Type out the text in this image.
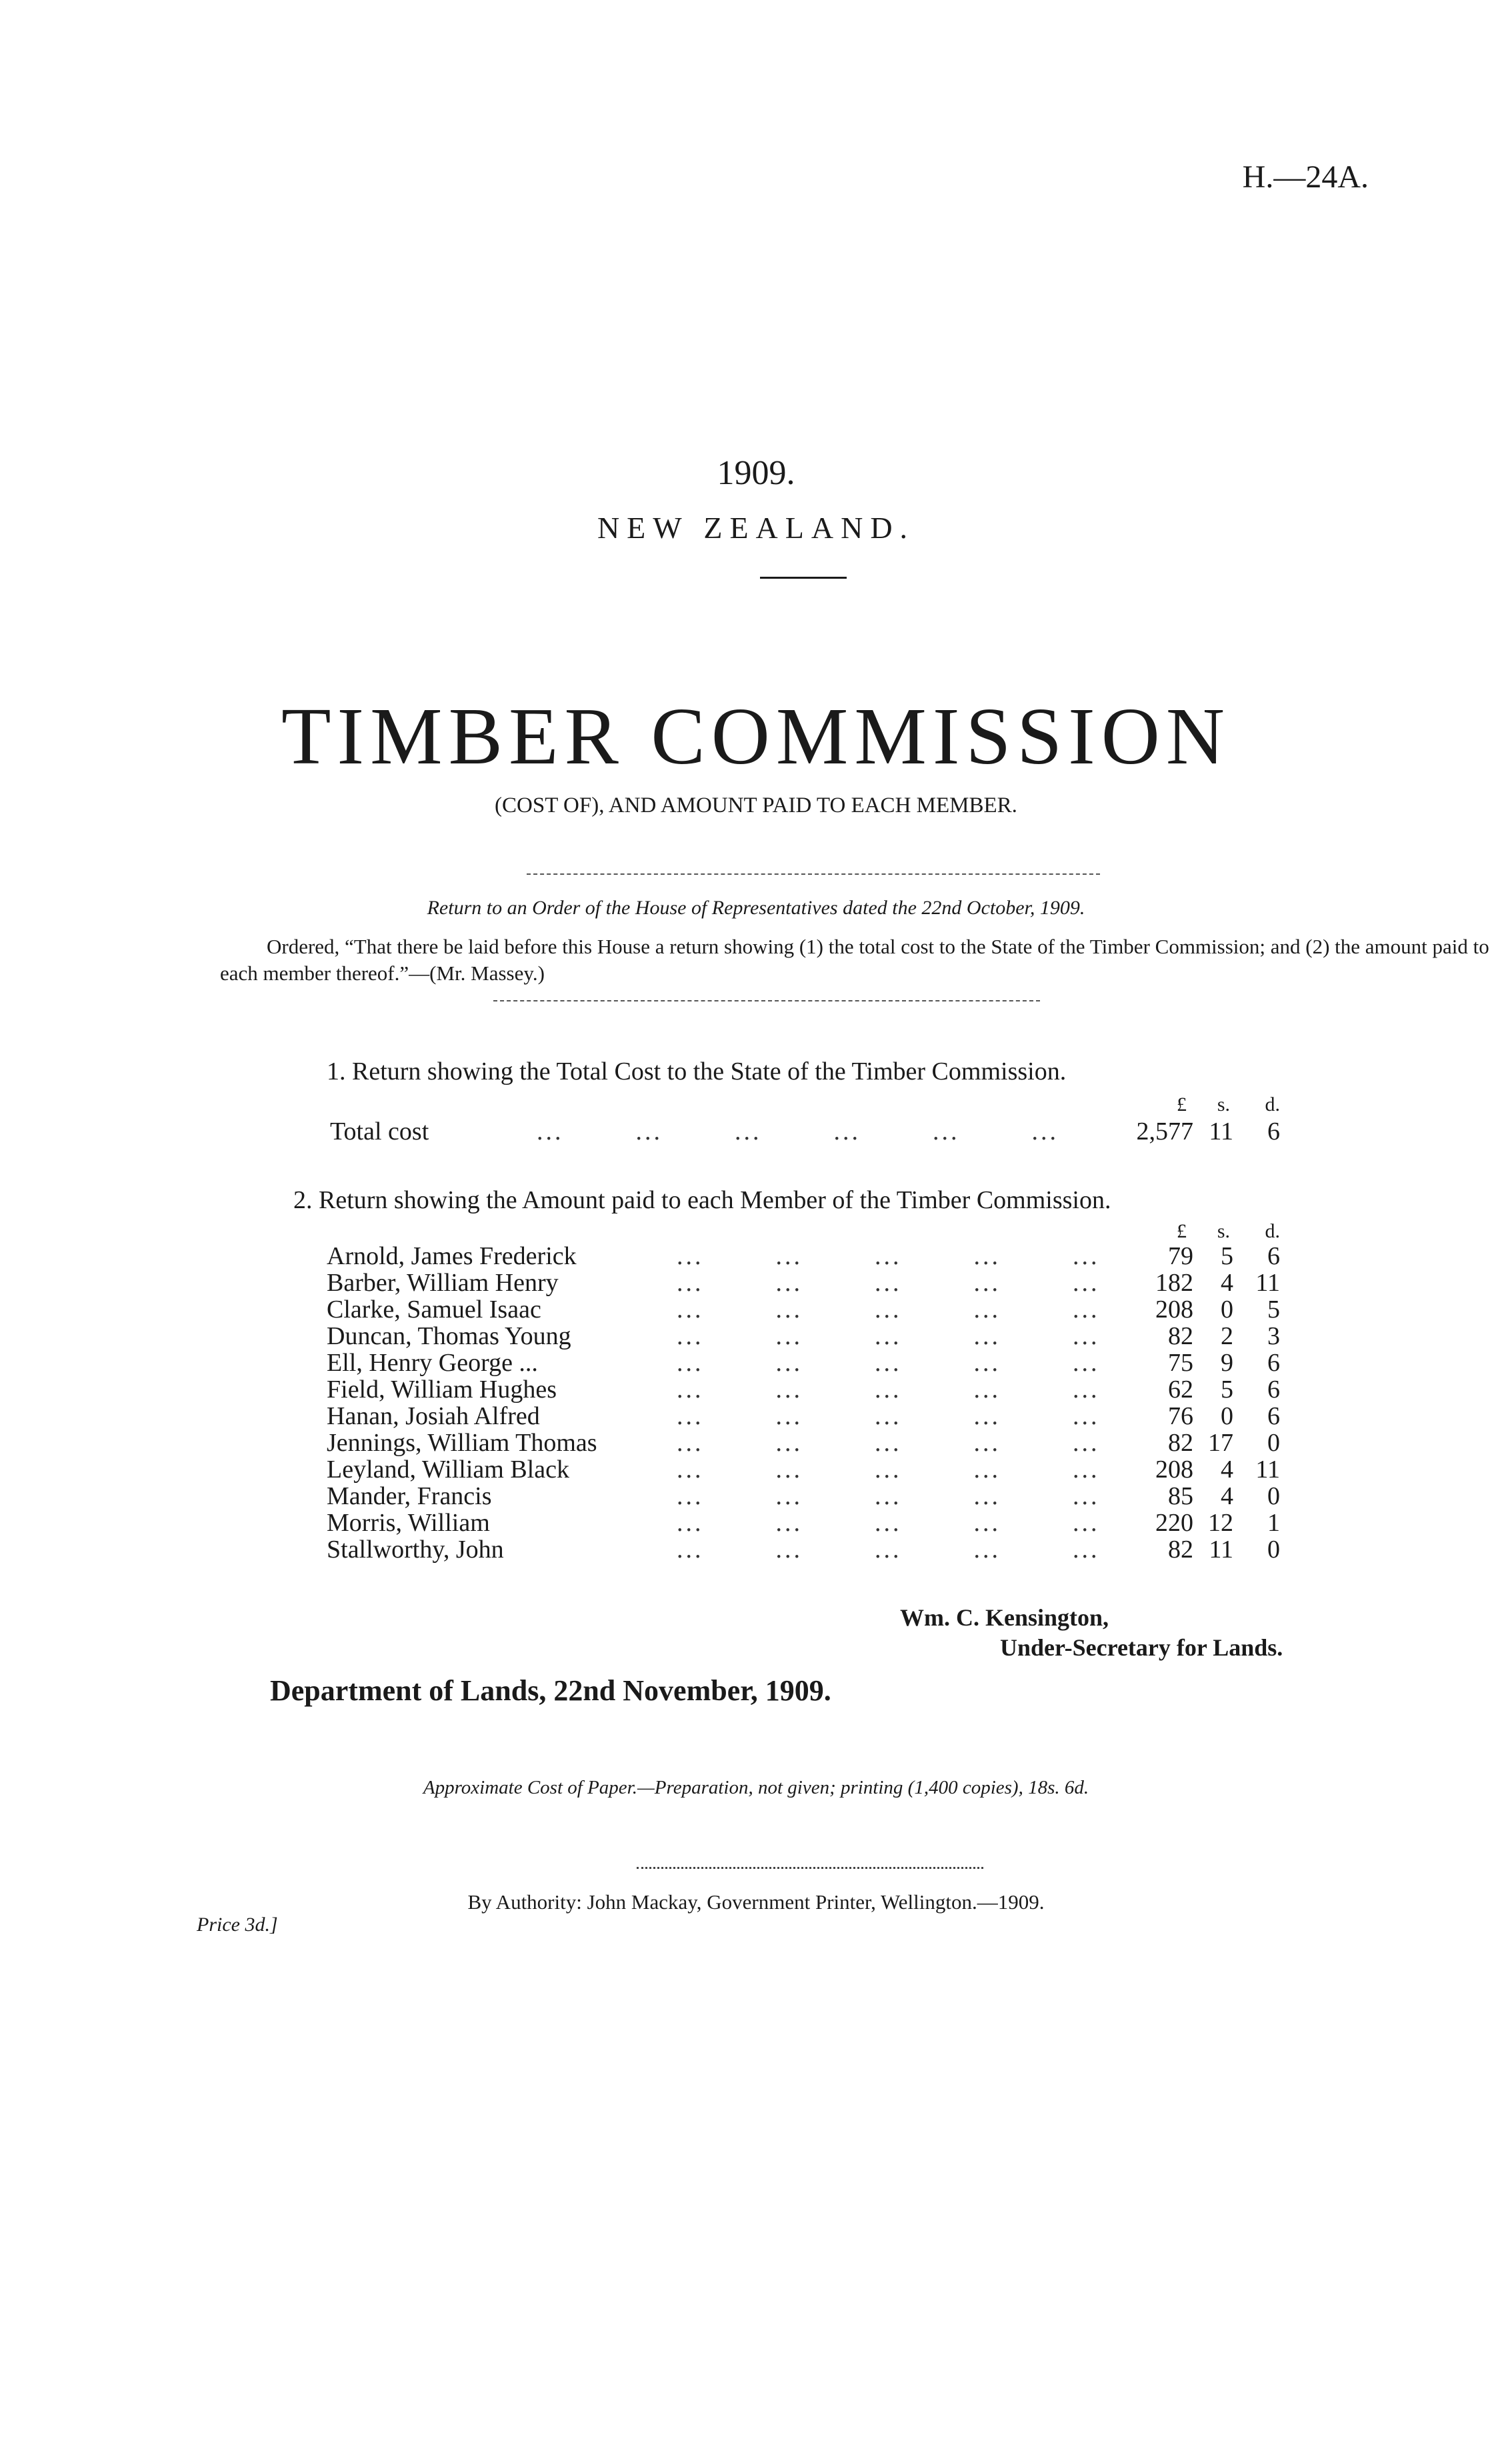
H.—24A.
1909.
NEW ZEALAND.
TIMBER COMMISSION
(COST OF), AND AMOUNT PAID TO EACH MEMBER.
Return to an Order of the House of Representatives dated the 22nd October, 1909.
Ordered, “That there be laid before this House a return showing (1) the total cost to the State of the Timber Commission; and (2) the amount paid to each member thereof.”—(Mr. Massey.)
1. Return showing the Total Cost to the State of the Timber Commission.
£	s.	d.
Total cost	...        ...        ...        ...        ...        ...	2,577 11	6
2. Return showing the Amount paid to each Member of the Timber Commission.
£	s.	d.
Arnold, James Frederick	...        ...        ...        ...        ...	79	5	6
Barber, William Henry	...        ...        ...        ...        ...	182	4 11
Clarke, Samuel Isaac	...        ...        ...        ...        ...	208	0	5
Duncan, Thomas Young	...        ...        ...        ...        ...	82	2	3
Ell, Henry George ...	...        ...        ...        ...        ...	75	9	6
Field, William Hughes	...        ...        ...        ...        ...	62	5	6
Hanan, Josiah Alfred	...        ...        ...        ...        ...	76	0	6
Jennings, William Thomas	...        ...        ...        ...        ...	82 17	0
Leyland, William Black	...        ...        ...        ...        ...	208	4 11
Mander, Francis	...        ...        ...        ...        ...	85	4	0
Morris, William	...        ...        ...        ...        ...	220 12	1
Stallworthy, John	...        ...        ...        ...        ...	82 11	0
Wm. C. Kensington,
Under-Secretary for Lands.
Department of Lands, 22nd November, 1909.
Approximate Cost of Paper.—Preparation, not given; printing (1,400 copies), 18s. 6d.
By Authority: John Mackay, Government Printer, Wellington.—1909.
Price 3d.]
